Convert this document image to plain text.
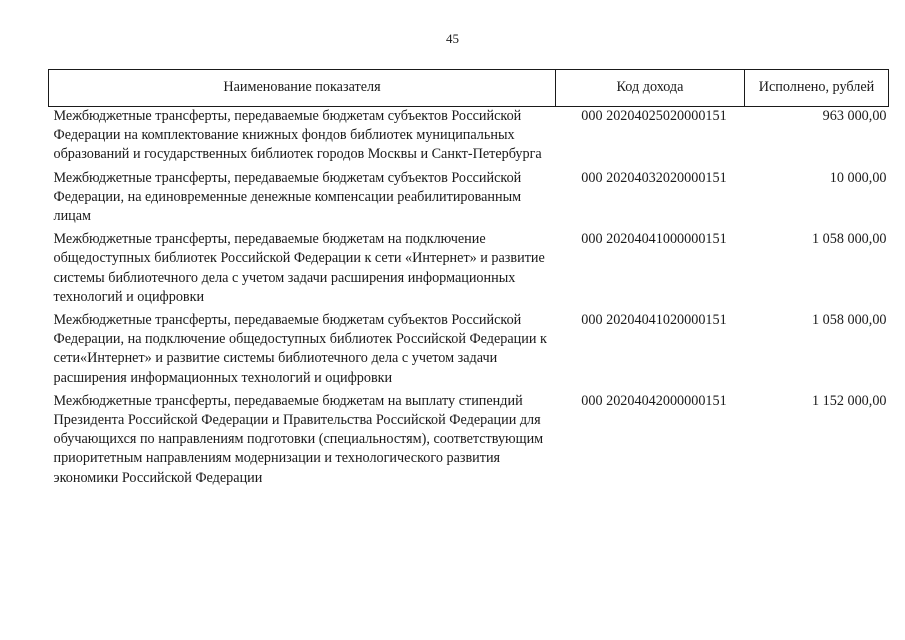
45
Наименование показателя	Код дохода	Исполнено, рублей
Межбюджетные трансферты, передаваемые бюджетам субъектов Российской Федерации на комплектование книжных фондов библиотек муниципальных образований и государственных библиотек городов Москвы и Санкт-Петербурга	000 20204025020000151	963 000,00
Межбюджетные трансферты, передаваемые бюджетам субъектов Российской Федерации, на единовременные денежные компенсации реабилитированным лицам	000 20204032020000151	10 000,00
Межбюджетные трансферты, передаваемые бюджетам на подключение общедоступных библиотек Российской Федерации к сети «Интернет» и развитие системы библиотечного дела с учетом задачи расширения информационных технологий и оцифровки	000 20204041000000151	1 058 000,00
Межбюджетные трансферты, передаваемые бюджетам субъектов Российской Федерации, на подключение общедоступных библиотек Российской Федерации к сети«Интернет» и развитие системы библиотечного дела с учетом задачи расширения информационных технологий и оцифровки	000 20204041020000151	1 058 000,00
Межбюджетные трансферты, передаваемые бюджетам на выплату стипендий Президента Российской Федерации и Правительства Российской Федерации для обучающихся по направлениям подготовки (специальностям), соответствующим приоритетным направлениям модернизации и технологического развития экономики Российской Федерации	000 20204042000000151	1 152 000,00
